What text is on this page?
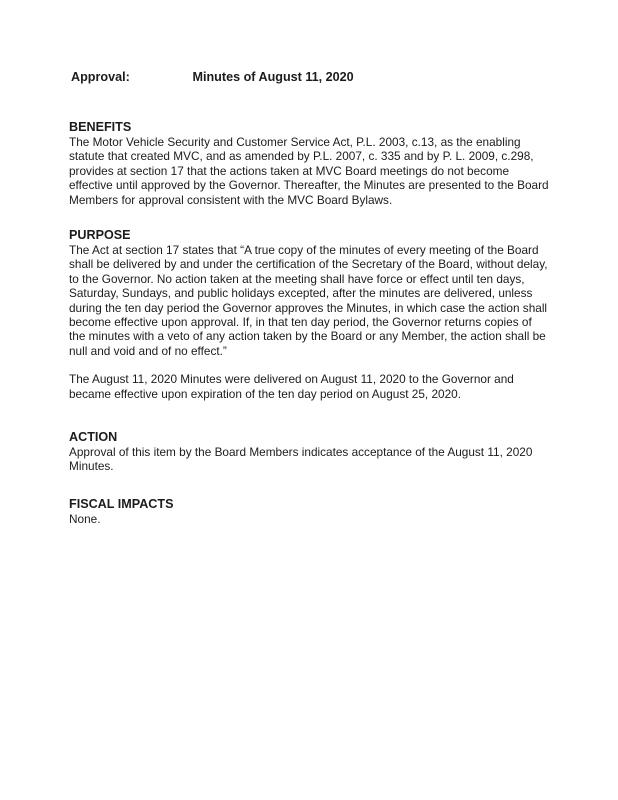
Approval:	Minutes of August 11, 2020
BENEFITS

The Motor Vehicle Security and Customer Service Act, P.L. 2003, c.13, as the enabling statute that created MVC, and as amended by P.L. 2007, c. 335 and by P. L. 2009, c.298, provides at section 17 that the actions taken at MVC Board meetings do not become effective until approved by the Governor. Thereafter, the Minutes are presented to the Board Members for approval consistent with the MVC Board Bylaws.

PURPOSE

The Act at section 17 states that “A true copy of the minutes of every meeting of the Board shall be delivered by and under the certification of the Secretary of the Board, without delay, to the Governor. No action taken at the meeting shall have force or effect until ten days, Saturday, Sundays, and public holidays excepted, after the minutes are delivered, unless during the ten day period the Governor approves the Minutes, in which case the action shall become effective upon approval. If, in that ten day period, the Governor returns copies of the minutes with a veto of any action taken by the Board or any Member, the action shall be null and void and of no effect.”

The August 11, 2020 Minutes were delivered on August 11, 2020 to the Governor and became effective upon expiration of the ten day period on August 25, 2020.

ACTION

Approval of this item by the Board Members indicates acceptance of the August 11, 2020 Minutes.

FISCAL IMPACTS

None.
